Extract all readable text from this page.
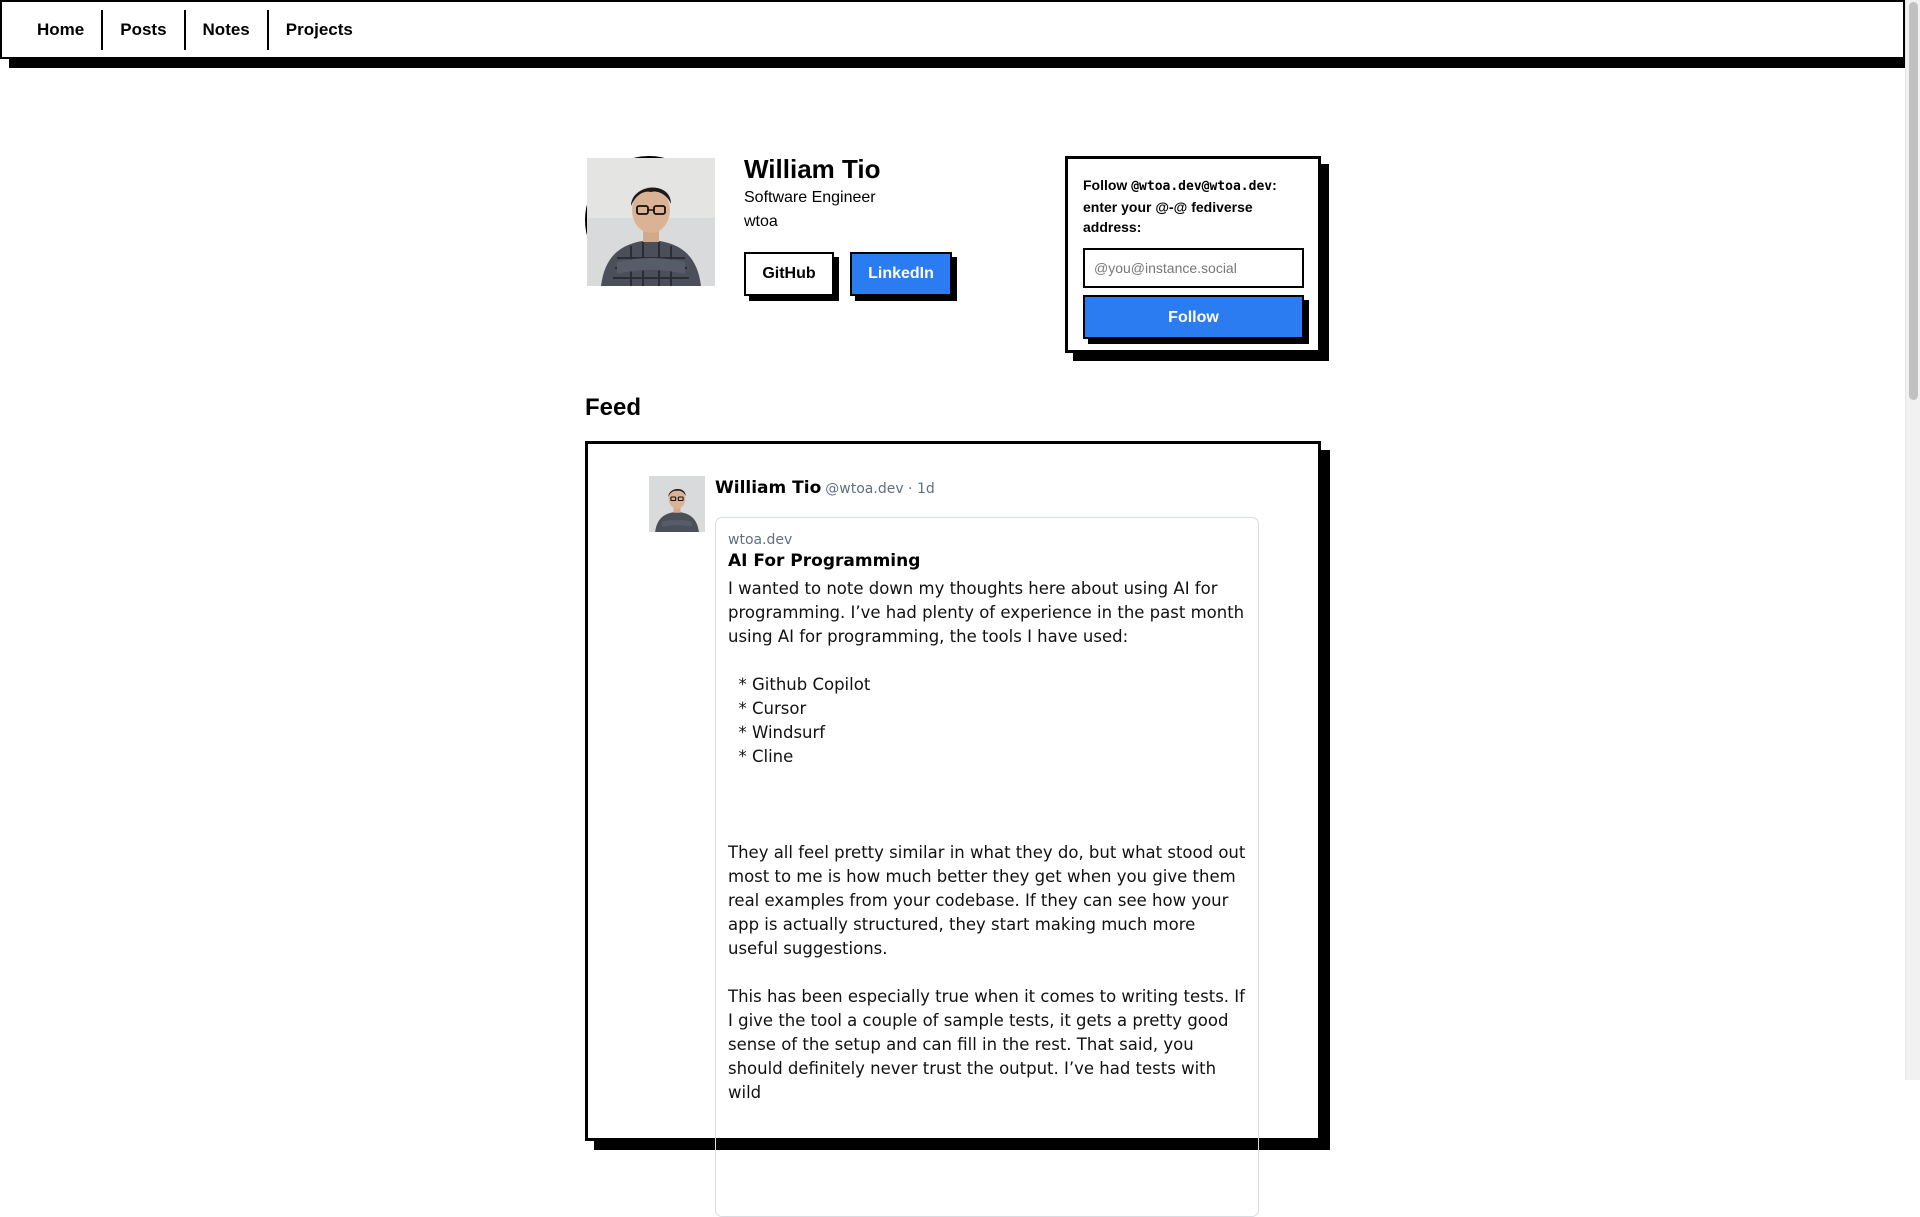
Home	Posts	Notes	Projects
William Tio
Software Engineer
wtoa
GitHub	LinkedIn
Follow @wtoa.dev@wtoa.dev: enter your @-@ fediverse address:
@you@instance.social
Follow
Feed
William Tio @wtoa.dev · 1d
wtoa.dev
AI For Programming
I wanted to note down my thoughts here about using AI for programming. I’ve had plenty of experience in the past month using AI for programming, the tools I have used:

* Github Copilot
* Cursor
* Windsurf
* Cline

They all feel pretty similar in what they do, but what stood out most to me is how much better they get when you give them real examples from your codebase. If they can see how your app is actually structured, they start making much more useful suggestions.

This has been especially true when it comes to writing tests. If I give the tool a couple of sample tests, it gets a pretty good sense of the setup and can fill in the rest. That said, you should definitely never trust the output. I’ve had tests with wild
